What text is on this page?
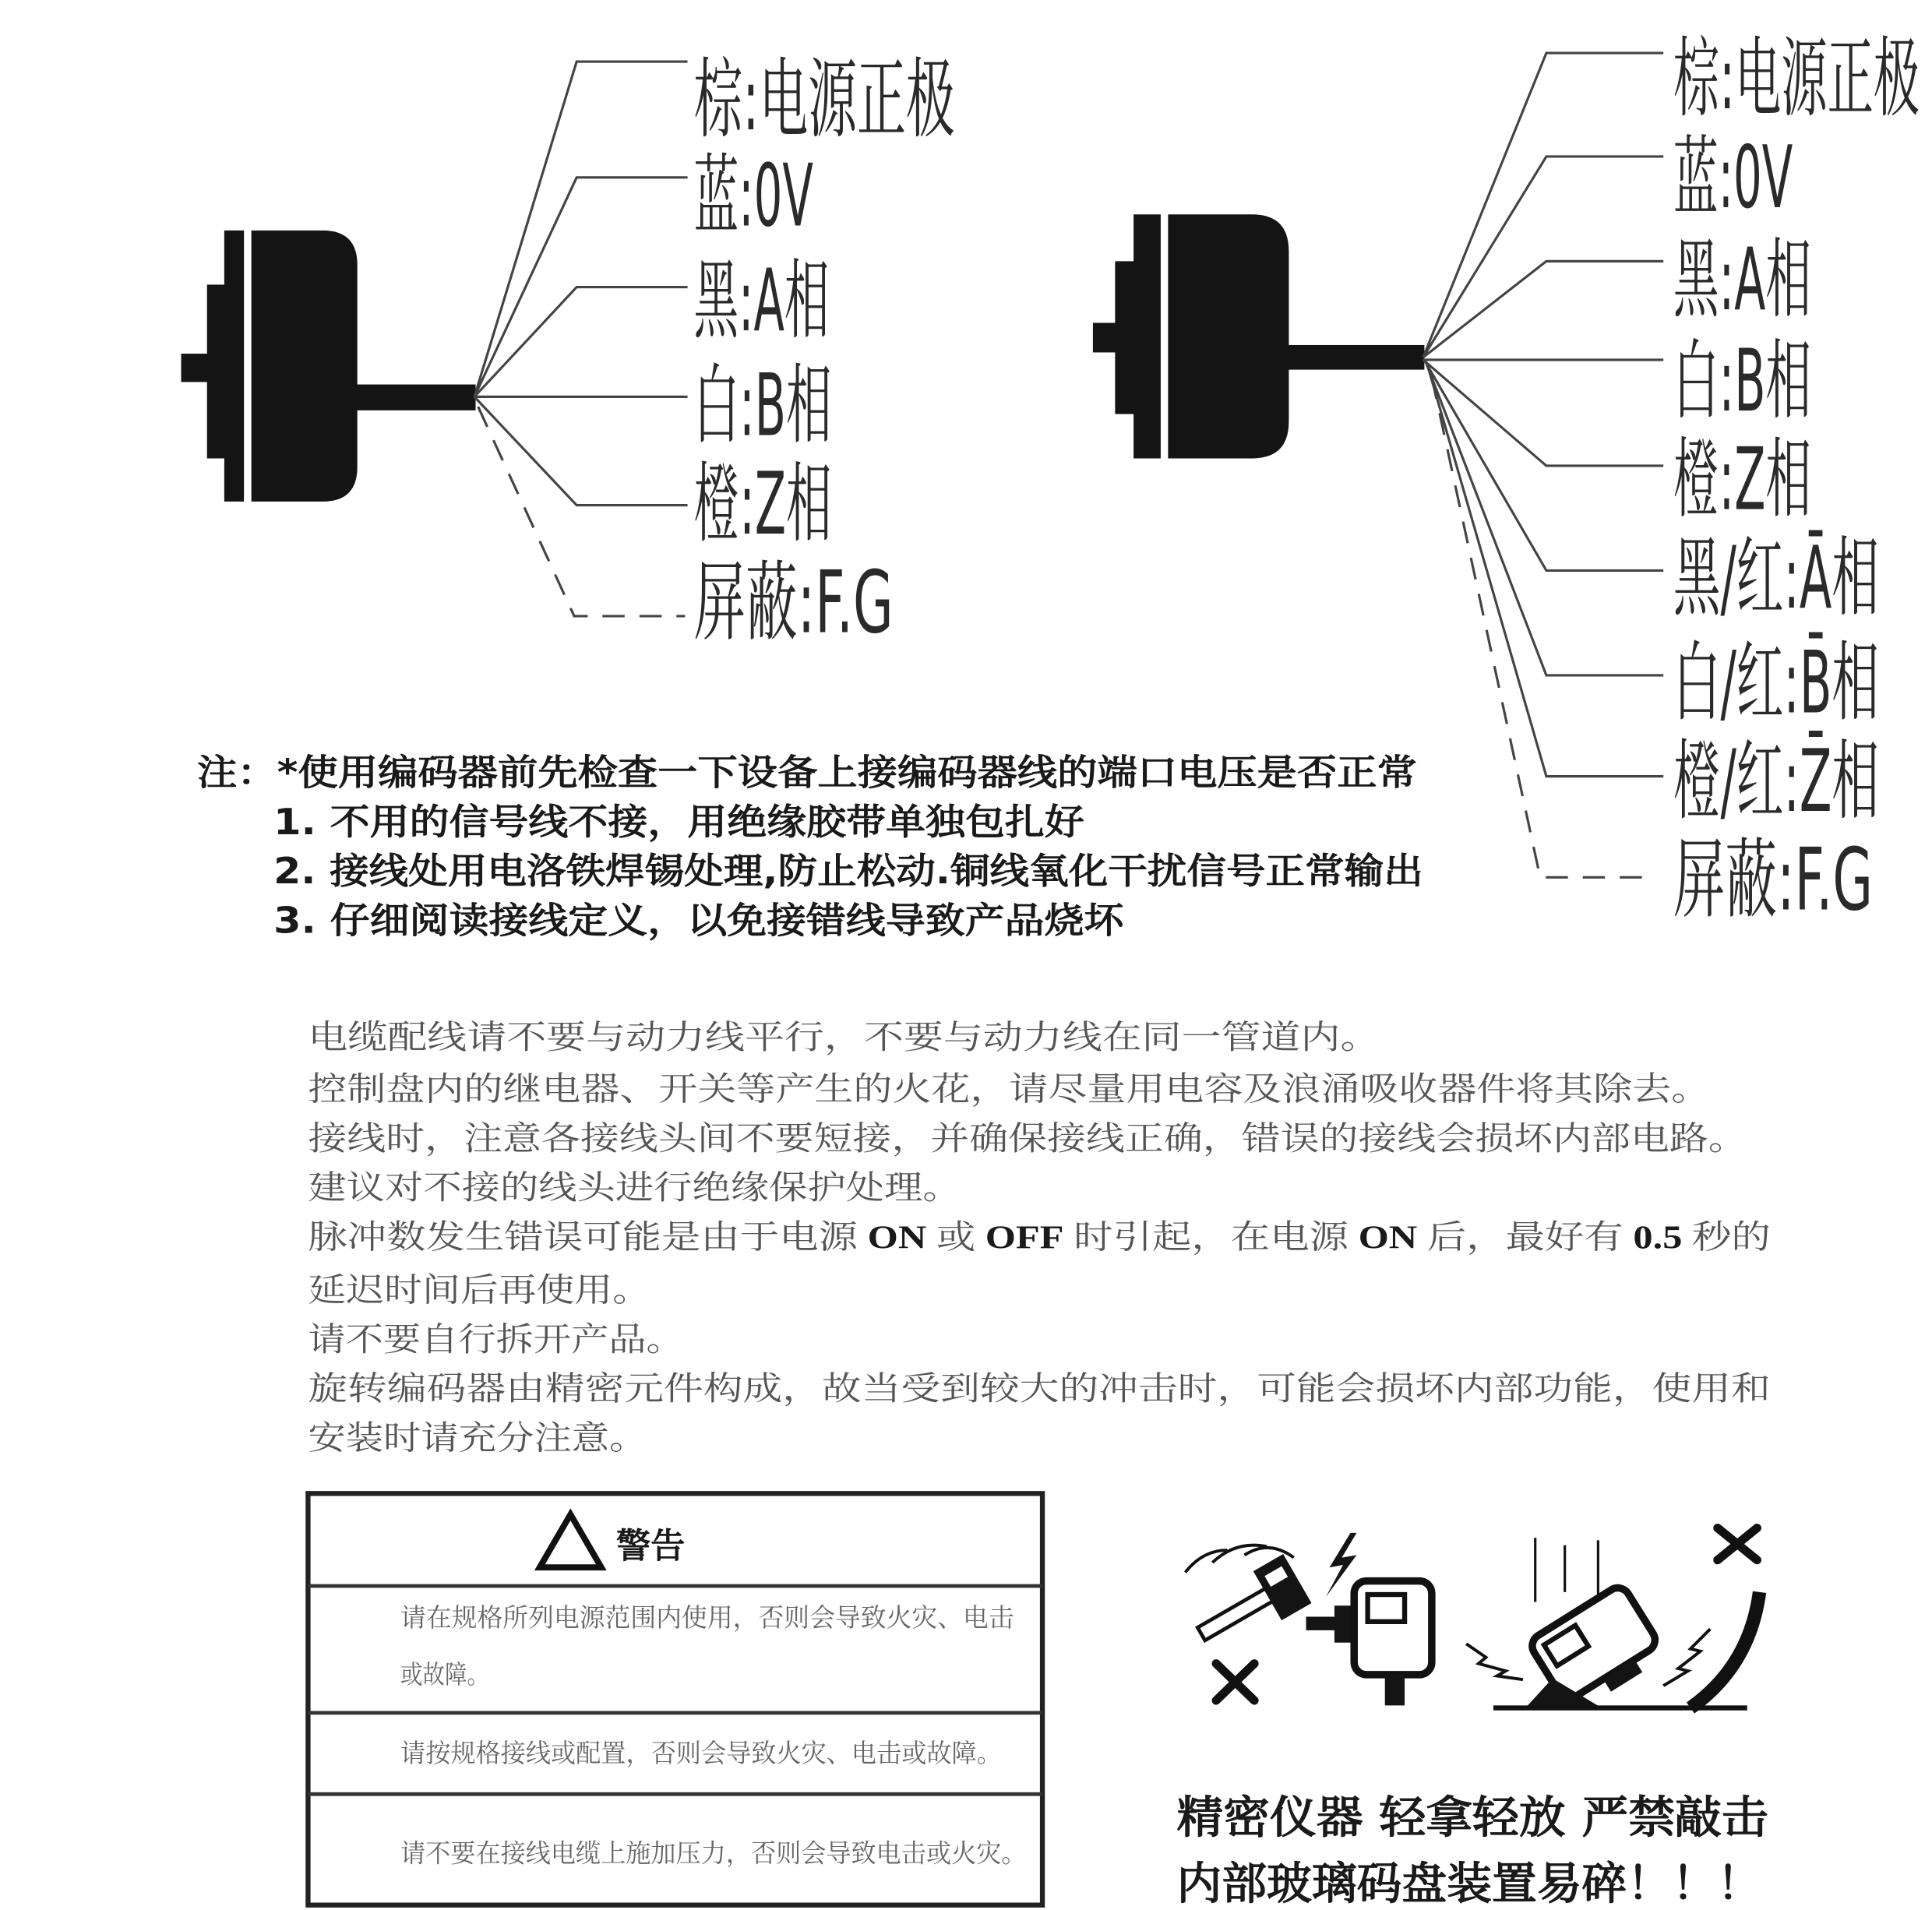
棕:电源正极
蓝:0V
黑:A相
白:B相
橙:Z相
屏蔽:F.G
棕:电源正极
蓝:0V
黑:A相
白:B相
橙:Z相
黑/红:Ā相
白/红:B̄相
橙/红:Z̄相
屏蔽:F.G
注：*使用编码器前先检查一下设备上接编码器线的端口电压是否正常
1. 不用的信号线不接，用绝缘胶带单独包扎好
2. 接线处用电洛铁焊锡处理,防止松动.铜线氧化干扰信号正常输出
3. 仔细阅读接线定义，以免接错线导致产品烧坏
电缆配线请不要与动力线平行，不要与动力线在同一管道内。
控制盘内的继电器、开关等产生的火花，请尽量用电容及浪涌吸收器件将其除去。
接线时，注意各接线头间不要短接，并确保接线正确，错误的接线会损坏内部电路。
建议对不接的线头进行绝缘保护处理。
脉冲数发生错误可能是由于电源	ON 或 OFF 时引起，在电源 ON 后，最好有 0.5 秒的
延迟时间后再使用。
请不要自行拆开产品。
旋转编码器由精密元件构成，故当受到较大的冲击时，可能会损坏内部功能，使用和
安装时请充分注意。
警告
请在规格所列电源范围内使用，否则会导致火灾、电击
或故障。
请按规格接线或配置，否则会导致火灾、电击或故障。
请不要在接线电缆上施加压力，否则会导致电击或火灾。
精密仪器 轻拿轻放 严禁敲击
内部玻璃码盘装置易碎！！！
